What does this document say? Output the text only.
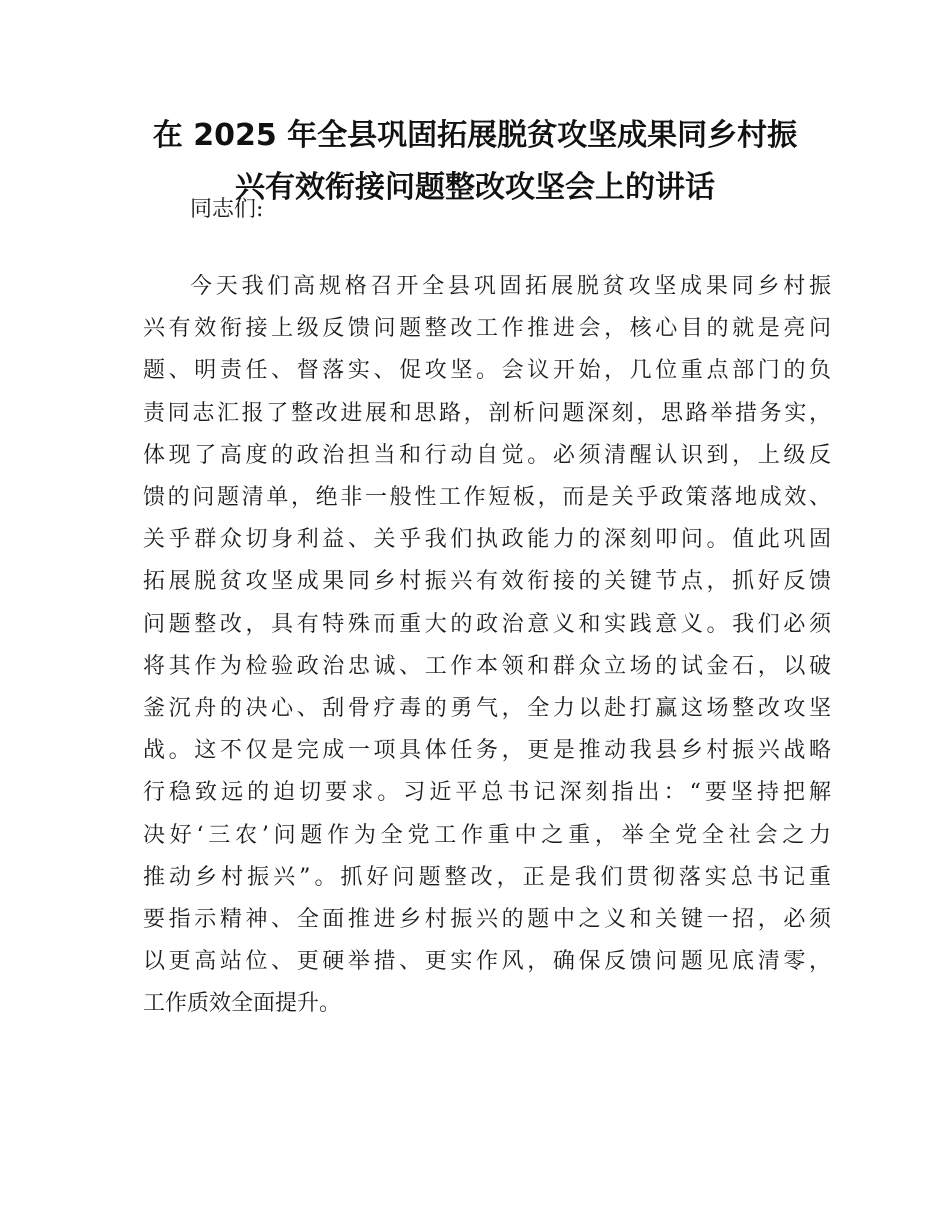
在 2025 年全县巩固拓展脱贫攻坚成果同乡村振
兴有效衔接问题整改攻坚会上的讲话

同志们:

今天我们高规格召开全县巩固拓展脱贫攻坚成果同乡村振
兴有效衔接上级反馈问题整改工作推进会，核心目的就是亮问
题、明责任、督落实、促攻坚。会议开始，几位重点部门的负
责同志汇报了整改进展和思路，剖析问题深刻，思路举措务实，
体现了高度的政治担当和行动自觉。必须清醒认识到，上级反
馈的问题清单，绝非一般性工作短板，而是关乎政策落地成效、
关乎群众切身利益、关乎我们执政能力的深刻叩问。值此巩固
拓展脱贫攻坚成果同乡村振兴有效衔接的关键节点，抓好反馈
问题整改，具有特殊而重大的政治意义和实践意义。我们必须
将其作为检验政治忠诚、工作本领和群众立场的试金石，以破
釜沉舟的决心、刮骨疗毒的勇气，全力以赴打赢这场整改攻坚
战。这不仅是完成一项具体任务，更是推动我县乡村振兴战略
行稳致远的迫切要求。习近平总书记深刻指出：“要坚持把解
决好‘三农’问题作为全党工作重中之重，举全党全社会之力
推动乡村振兴”。抓好问题整改，正是我们贯彻落实总书记重
要指示精神、全面推进乡村振兴的题中之义和关键一招，必须
以更高站位、更硬举措、更实作风，确保反馈问题见底清零，
工作质效全面提升。
